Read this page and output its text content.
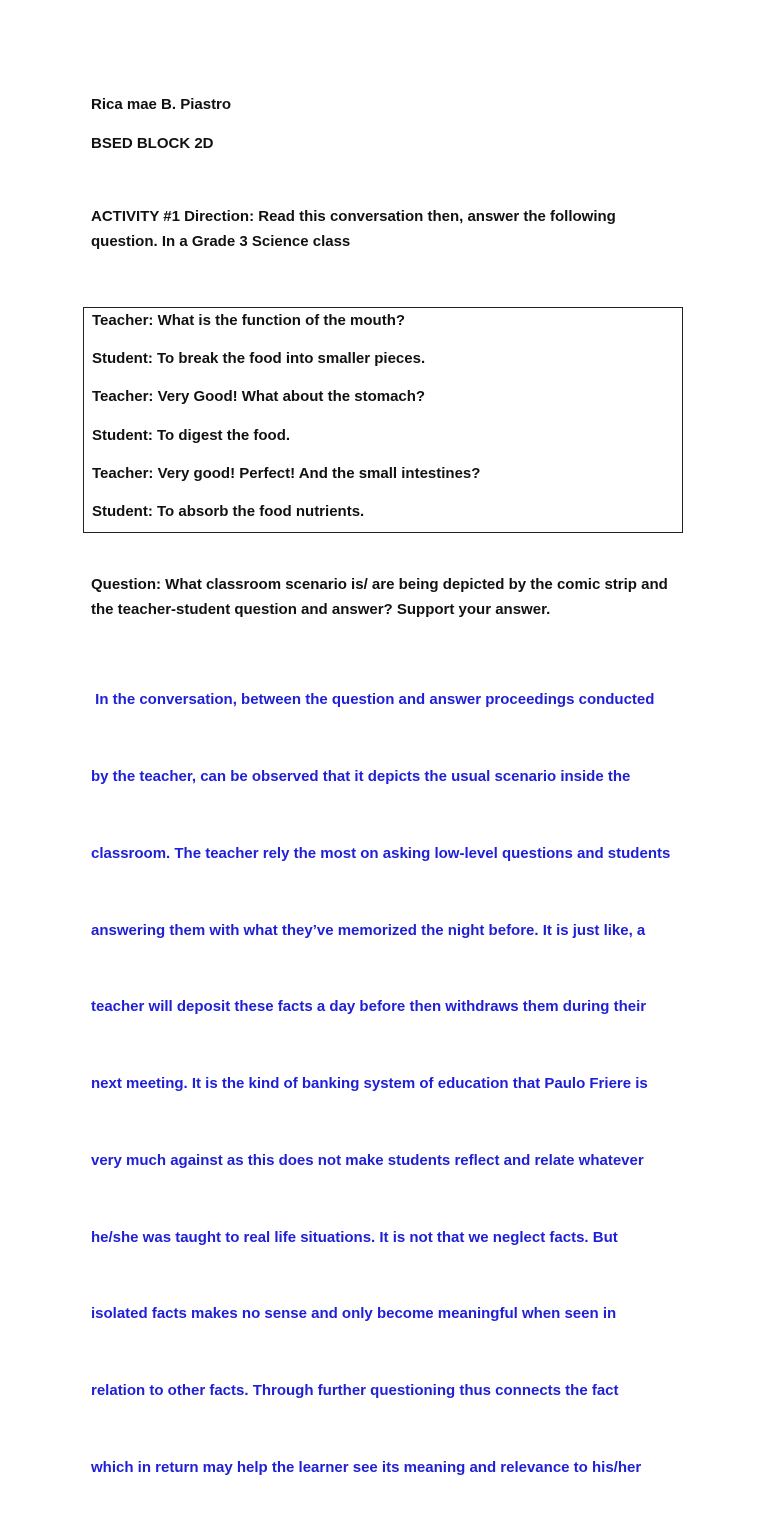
Rica mae B. Piastro
BSED BLOCK 2D
ACTIVITY #1 Direction: Read this conversation then, answer the following
question. In a Grade 3 Science class
Teacher: What is the function of the mouth?
Student: To break the food into smaller pieces.
Teacher: Very Good! What about the stomach?
Student: To digest the food.
Teacher: Very good! Perfect! And the small intestines?
Student: To absorb the food nutrients.
Question: What classroom scenario is/ are being depicted by the comic strip and
the teacher-student question and answer? Support your answer.

In the conversation, between the question and answer proceedings conducted

by the teacher, can be observed that it depicts the usual scenario inside the

classroom. The teacher rely the most on asking low-level questions and students

answering them with what they’ve memorized the night before. It is just like, a

teacher will deposit these facts a day before then withdraws them during their

next meeting. It is the kind of banking system of education that Paulo Friere is

very much against as this does not make students reflect and relate whatever

he/she was taught to real life situations. It is not that we neglect facts. But

isolated facts makes no sense and only become meaningful when seen in

relation to other facts. Through further questioning thus connects the fact

which in return may help the learner see its meaning and relevance to his/her
